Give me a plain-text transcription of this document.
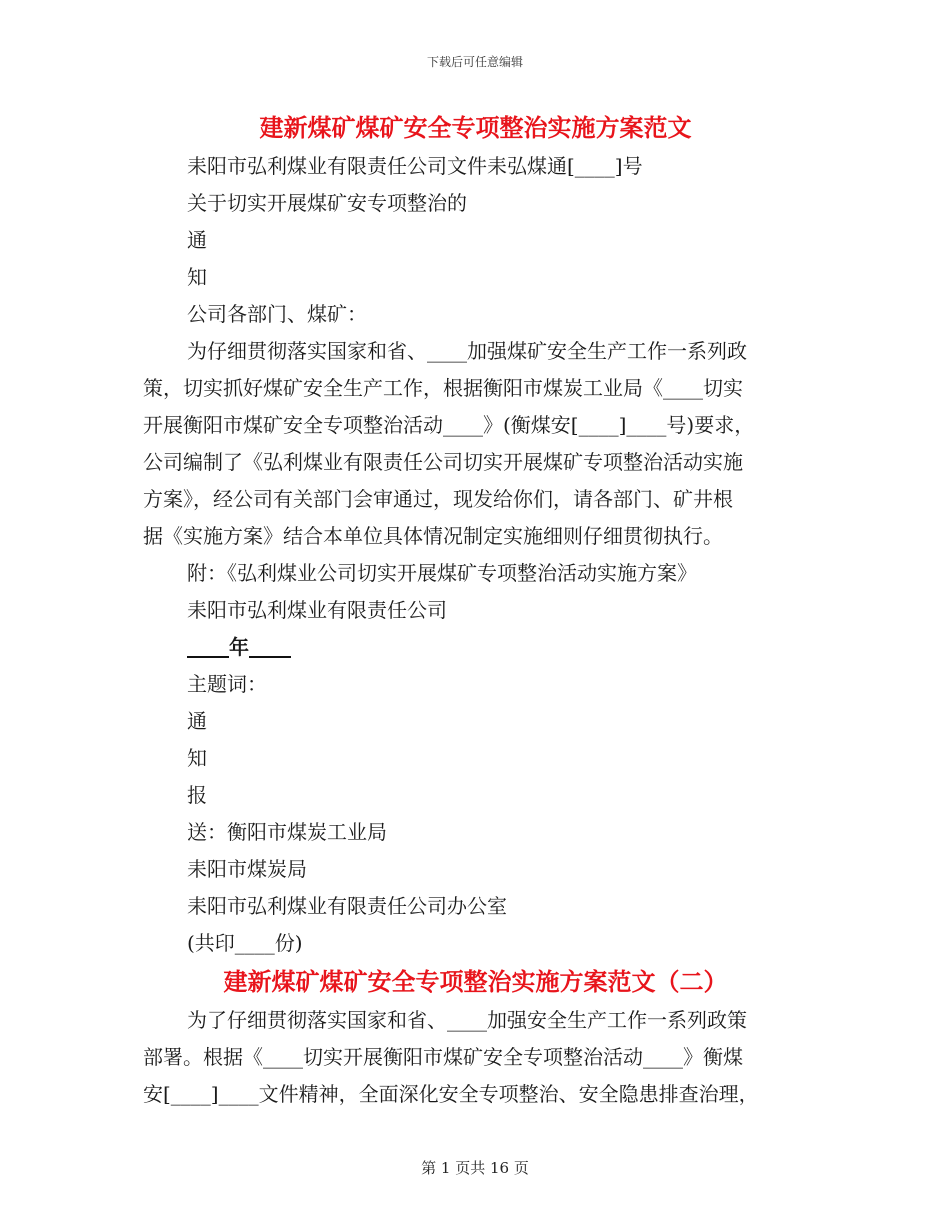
下载后可任意编辑
建新煤矿煤矿安全专项整治实施方案范文
耒阳市弘利煤业有限责任公司文件耒弘煤通[____]号
关于切实开展煤矿安专项整治的
通
知
公司各部门、煤矿：
为仔细贯彻落实国家和省、____加强煤矿安全生产工作一系列政
策，切实抓好煤矿安全生产工作，根据衡阳市煤炭工业局《____切实
开展衡阳市煤矿安全专项整治活动____》(衡煤安[____]____号)要求，
公司编制了《弘利煤业有限责任公司切实开展煤矿专项整治活动实施
方案》，经公司有关部门会审通过，现发给你们，请各部门、矿井根
据《实施方案》结合本单位具体情况制定实施细则仔细贯彻执行。
附：《弘利煤业公司切实开展煤矿专项整治活动实施方案》
耒阳市弘利煤业有限责任公司
年
主题词：
通
知
报
送：衡阳市煤炭工业局
耒阳市煤炭局
耒阳市弘利煤业有限责任公司办公室
(共印____份)
建新煤矿煤矿安全专项整治实施方案范文（二）
为了仔细贯彻落实国家和省、____加强安全生产工作一系列政策
部署。根据《____切实开展衡阳市煤矿安全专项整治活动____》衡煤
安[____]____文件精神，全面深化安全专项整治、安全隐患排查治理，
第 1 页共 16 页
